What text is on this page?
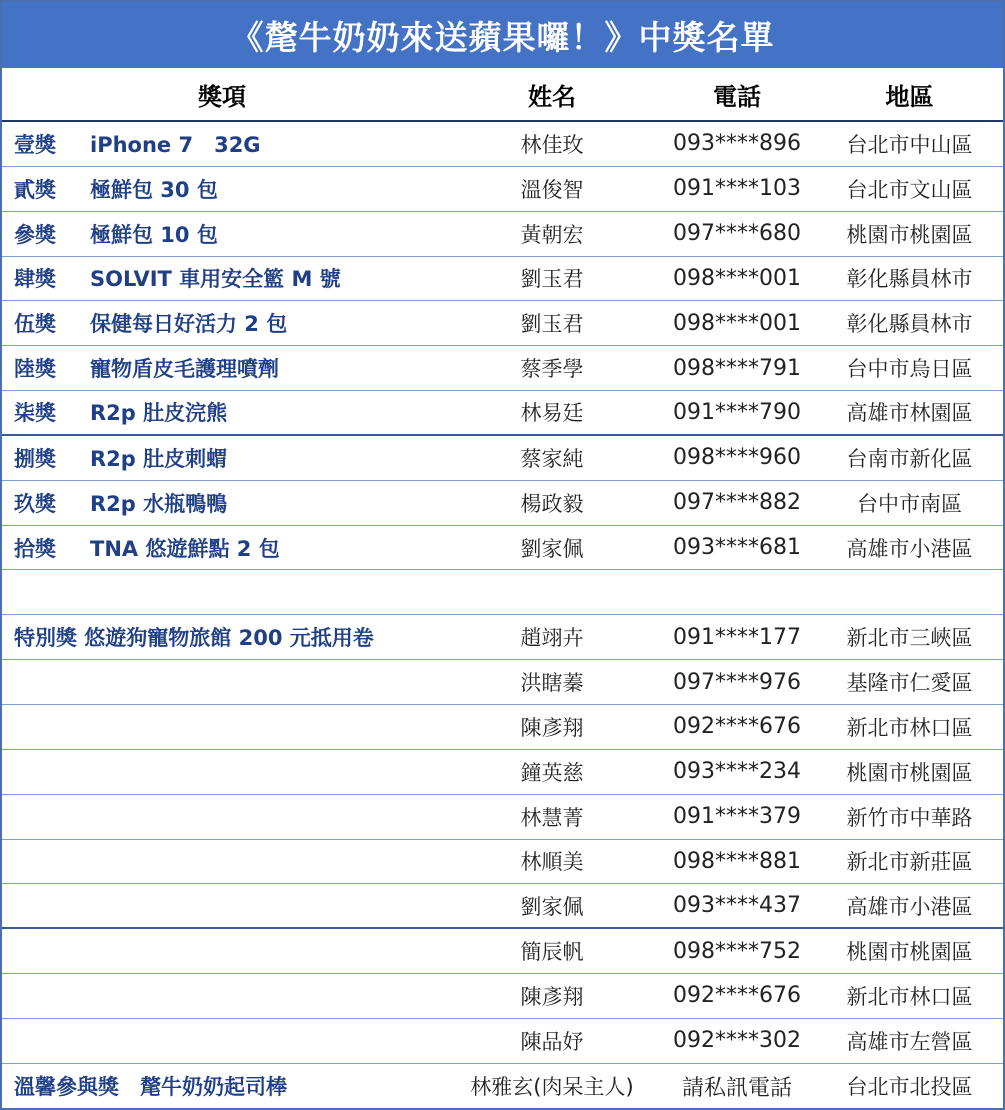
《氂牛奶奶來送蘋果囉！》中獎名單
獎項	姓名	電話	地區
壹獎	iPhone 7　32G	林佳玫	093****896	台北市中山區
貳獎	極鮮包 30 包	溫俊智	091****103	台北市文山區
參獎	極鮮包 10 包	黃朝宏	097****680	桃園市桃園區
肆獎	SOLVIT 車用安全籃 M 號	劉玉君	098****001	彰化縣員林市
伍獎	保健每日好活力 2 包	劉玉君	098****001	彰化縣員林市
陸獎	寵物盾皮毛護理噴劑	蔡季學	098****791	台中市烏日區
柒獎	R2p 肚皮浣熊	林易廷	091****790	高雄市林園區
捌獎	R2p 肚皮刺蝟	蔡家純	098****960	台南市新化區
玖獎	R2p 水瓶鴨鴨	楊政毅	097****882	台中市南區
拾獎	TNA 悠遊鮮點 2 包	劉家佩	093****681	高雄市小港區
特別獎 悠遊狗寵物旅館 200 元抵用卷	趙翊卉	091****177	新北市三峽區
洪瞎蓁	097****976	基隆市仁愛區
陳彥翔	092****676	新北市林口區
鐘英慈	093****234	桃園市桃園區
林慧菁	091****379	新竹市中華路
林順美	098****881	新北市新莊區
劉家佩	093****437	高雄市小港區
簡辰帆	098****752	桃園市桃園區
陳彥翔	092****676	新北市林口區
陳品妤	092****302	高雄市左營區
溫馨參與獎　氂牛奶奶起司棒	林雅玄(肉呆主人)	請私訊電話	台北市北投區
